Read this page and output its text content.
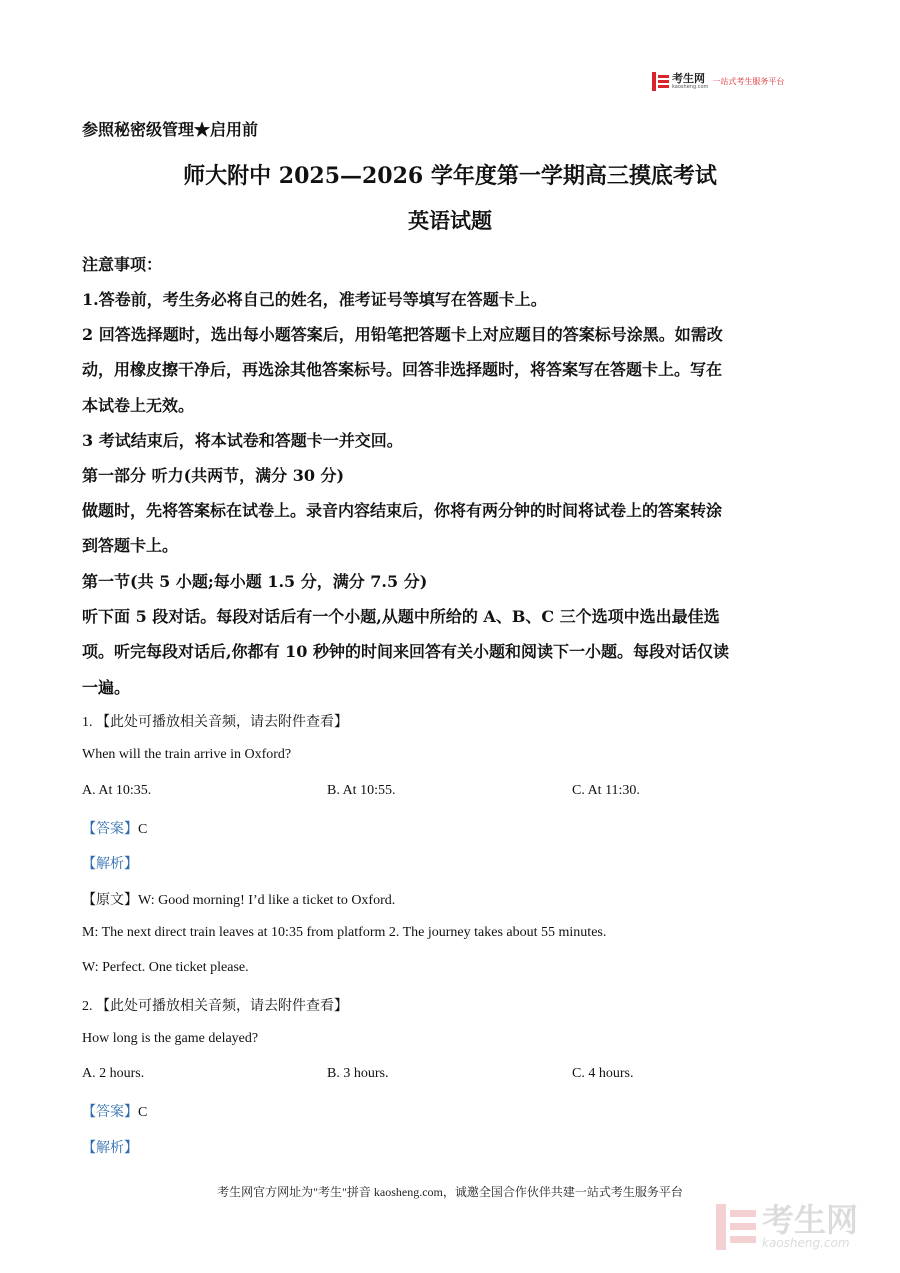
考生网
kaosheng.com
一站式考生服务平台
参照秘密级管理★启用前
师大附中 2025—2026 学年度第一学期高三摸底考试
英语试题
注意事项：
1.答卷前，考生务必将自己的姓名，准考证号等填写在答题卡上。
2 回答选择题时，选出每小题答案后，用铅笔把答题卡上对应题目的答案标号涂黑。如需改
动，用橡皮擦干净后，再选涂其他答案标号。回答非选择题时，将答案写在答题卡上。写在
本试卷上无效。
3 考试结束后，将本试卷和答题卡一并交回。
第一部分 听力(共两节，满分 30 分)
做题时，先将答案标在试卷上。录音内容结束后，你将有两分钟的时间将试卷上的答案转涂
到答题卡上。
第一节(共 5 小题;每小题 1.5 分，满分 7.5 分)
听下面 5 段对话。每段对话后有一个小题,从题中所给的 A、B、C 三个选项中选出最佳选
项。听完每段对话后,你都有 10 秒钟的时间来回答有关小题和阅读下一小题。每段对话仅读
一遍。
1. 【此处可播放相关音频，请去附件查看】
When will the train arrive in Oxford?
A. At 10:35.	B. At 10:55.	C. At 11:30.
【答案】C
【解析】
【原文】W: Good morning! I’d like a ticket to Oxford.
M: The next direct train leaves at 10:35 from platform 2. The journey takes about 55 minutes.
W: Perfect. One ticket please.
2. 【此处可播放相关音频，请去附件查看】
How long is the game delayed?
A. 2 hours.	B. 3 hours.	C. 4 hours.
【答案】C
【解析】
考生网官方网址为"考生"拼音 kaosheng.com，诚邀全国合作伙伴共建一站式考生服务平台
考生网
kaosheng.com
